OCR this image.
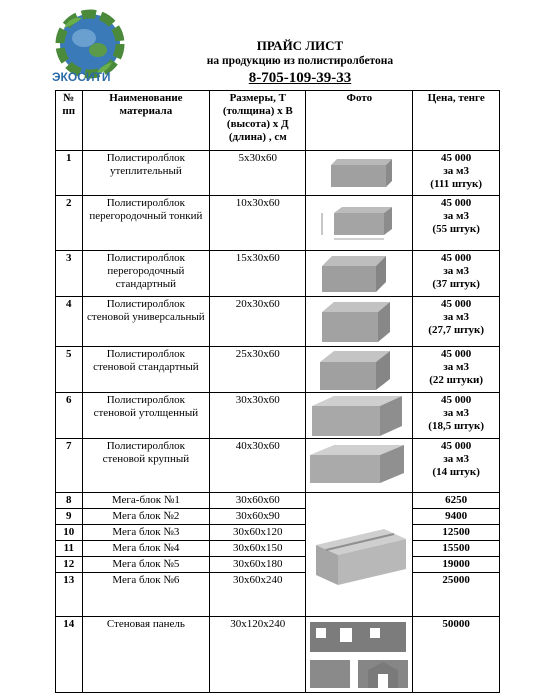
ЭКОСИТИ
ПРАЙС ЛИСТ
на продукцию из полистиролбетона
8-705-109-39-33
№ пп	Наименование материала	Размеры, Т (толщина) х В (высота) х Д (длина) , см	Фото	Цена, тенге
1	Полистиролблок утеплительный	5х30х60		45 000
за м3
(111 штук)

2	Полистиролблок перегородочный тонкий	10х30х60		45 000
за м3
(55 штук)

3	Полистиролблок перегородочный стандартный	15х30х60		45 000
за м3
(37 штук)

4	Полистиролблок стеновой универсальный	20х30х60		45 000
за м3
(27,7 штук)

5	Полистиролблок стеновой стандартный	25х30х60		45 000
за м3
(22 штуки)

6	Полистиролблок стеновой утолщенный	30х30х60		45 000
за м3
(18,5 штук)

7	Полистиролблок стеновой крупный	40х30х60		45 000
за м3
(14 штук)

8	Мега-блок №1	30х60х60		6250
9	Мега блок №2	30х60х90		9400
10	Мега блок №3	30х60х120		12500
11	Мега блок №4	30х60х150		15500
12	Мега блок №5	30х60х180		19000
13	Мега блок №6	30х60х240		25000
14	Стеновая панель	30х120х240		50000
